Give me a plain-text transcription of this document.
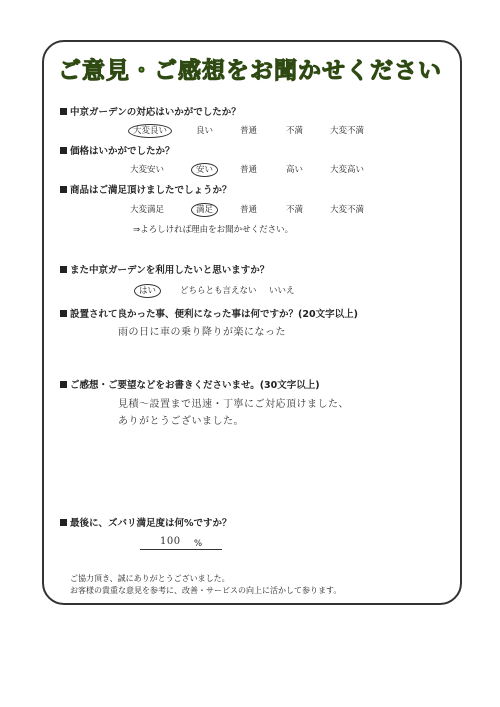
ご意見・ご感想をお聞かせください
中京ガーデンの対応はいかがでしたか？
大変良い	良い	普通	不満	大変不満
価格はいかがでしたか？
大変安い	安い	普通	高い	大変高い
商品はご満足頂けましたでしょうか？
大変満足	満足	普通	不満	大変不満
⇒よろしければ理由をお聞かせください。
また中京ガーデンを利用したいと思いますか？
はい	どちらとも言えない いいえ
設置されて良かった事、便利になった事は何ですか？(20文字以上)
雨の日に車の乗り降りが楽になった
ご感想・ご要望などをお書きくださいませ。(30文字以上)
見積～設置まで迅速・丁寧にご対応頂けました、
ありがとうございました。
最後に、ズバリ満足度は何%ですか？
100 %
ご協力頂き、誠にありがとうございました。
お客様の貴重な意見を参考に、改善・サービスの向上に活かして参ります。
